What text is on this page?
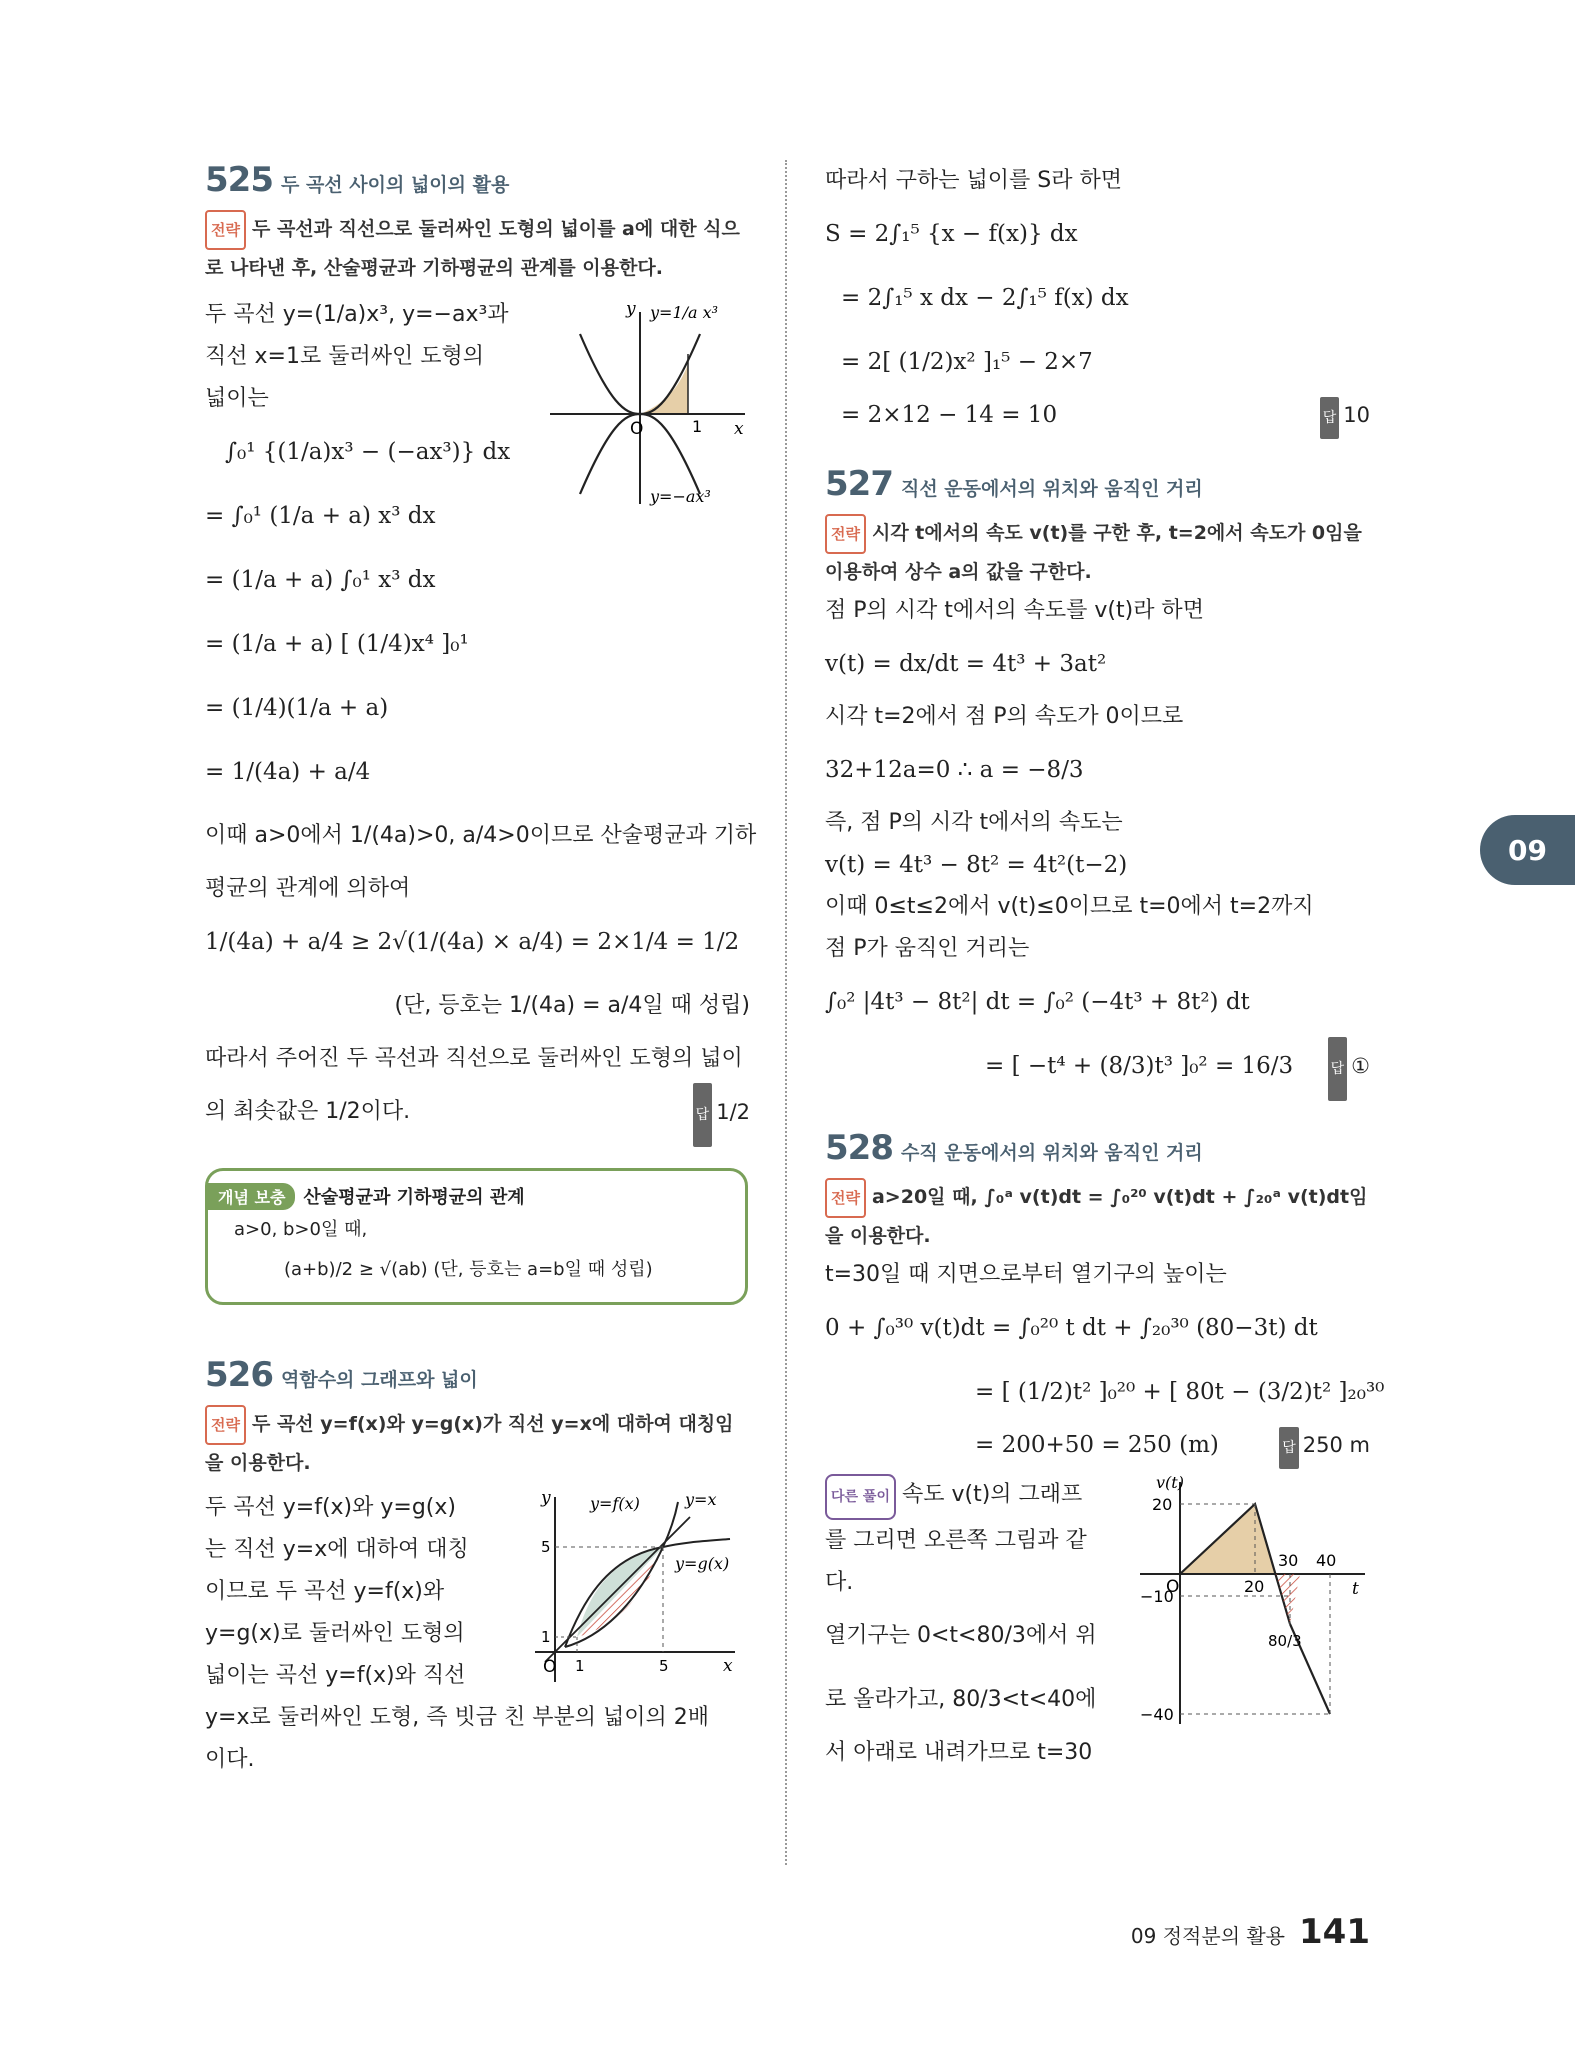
525 두 곡선 사이의 넓이의 활용
전략 두 곡선과 직선으로 둘러싸인 도형의 넓이를 a에 대한 식으로 나타낸 후, 산술평균과 기하평균의 관계를 이용한다.
두 곡선 y=(1/a)x³, y=−ax³과
직선 x=1로 둘러싸인 도형의
넓이는
∫₀¹ {(1/a)x³ − (−ax³)} dx
= ∫₀¹ (1/a + a) x³ dx
= (1/a + a) ∫₀¹ x³ dx
= (1/a + a) [ (1/4)x⁴ ]₀¹
= (1/4)(1/a + a)
= 1/(4a) + a/4
이때 a>0에서 1/(4a)>0, a/4>0이므로 산술평균과 기하
평균의 관계에 의하여
1/(4a) + a/4 ≥ 2√(1/(4a) × a/4) = 2×1/4 = 1/2
(단, 등호는 1/(4a) = a/4일 때 성립)
따라서 주어진 두 곡선과 직선으로 둘러싸인 도형의 넓이
의 최솟값은 1/2이다.	답 1/2
O	1 x
y y=1/a x³
y=−ax³
개념 보충 산술평균과 기하평균의 관계
a>0, b>0일 때,
(a+b)/2 ≥ √(ab) (단, 등호는 a=b일 때 성립)
526 역함수의 그래프와 넓이
전략 두 곡선 y=f(x)와 y=g(x)가 직선 y=x에 대하여 대칭임을 이용한다.
두 곡선 y=f(x)와 y=g(x)
는 직선 y=x에 대하여 대칭
이므로 두 곡선 y=f(x)와
y=g(x)로 둘러싸인 도형의
넓이는 곡선 y=f(x)와 직선
y=x로 둘러싸인 도형, 즉 빗금 친 부분의 넓이의 2배
이다.
O 1	5
1
5
x
y y=f(x)	y=x
y=g(x)
따라서 구하는 넓이를 S라 하면
S = 2∫₁⁵ {x − f(x)} dx
= 2∫₁⁵ x dx − 2∫₁⁵ f(x) dx
= 2[ (1/2)x² ]₁⁵ − 2×7
= 2×12 − 14 = 10	답 10
527 직선 운동에서의 위치와 움직인 거리
전략 시각 t에서의 속도 v(t)를 구한 후, t=2에서 속도가 0임을 이용하여 상수 a의 값을 구한다.
점 P의 시각 t에서의 속도를 v(t)라 하면
v(t) = dx/dt = 4t³ + 3at²
시각 t=2에서 점 P의 속도가 0이므로
32+12a=0 ∴ a = −8/3
즉, 점 P의 시각 t에서의 속도는
v(t) = 4t³ − 8t² = 4t²(t−2)
이때 0≤t≤2에서 v(t)≤0이므로 t=0에서 t=2까지
점 P가 움직인 거리는
∫₀² |4t³ − 8t²| dt = ∫₀² (−4t³ + 8t²) dt
= [ −t⁴ + (8/3)t³ ]₀² = 16/3	답 ①
528 수직 운동에서의 위치와 움직인 거리
전략 a>20일 때, ∫₀ᵃ v(t)dt = ∫₀²⁰ v(t)dt + ∫₂₀ᵃ v(t)dt임을 이용한다.
t=30일 때 지면으로부터 열기구의 높이는
0 + ∫₀³⁰ v(t)dt = ∫₀²⁰ t dt + ∫₂₀³⁰ (80−3t) dt
= [ (1/2)t² ]₀²⁰ + [ 80t − (3/2)t² ]₂₀³⁰
= 200+50 = 250 (m)	답 250 m
다른 풀이 속도 v(t)의 그래프
를 그리면 오른쪽 그림과 같
다.
열기구는 0<t<80/3에서 위
로 올라가고, 80/3<t<40에
서 아래로 내려가므로 t=30
O
20
−10
−40
20
30 40
80/3
t
v(t)
09
09 정적분의 활용 141
